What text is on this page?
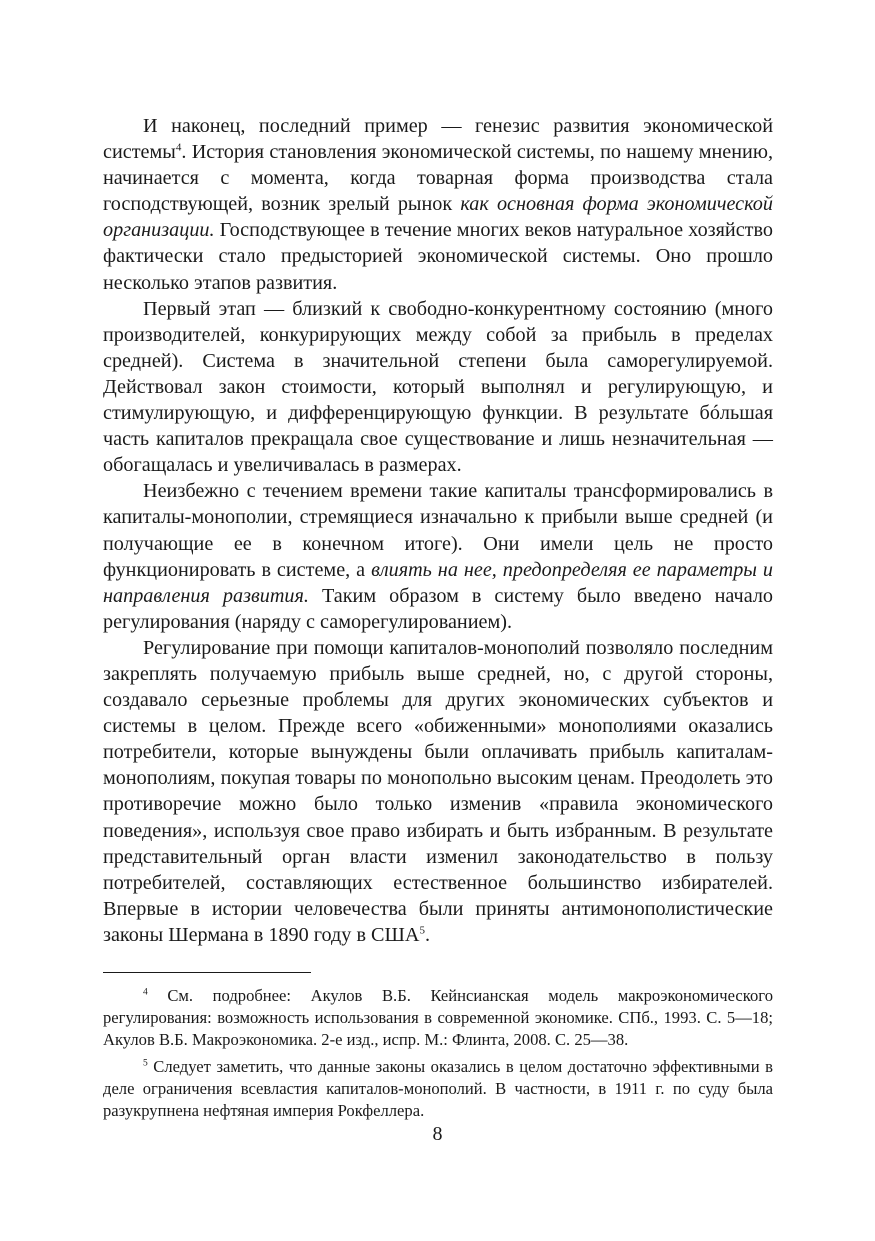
И наконец, последний пример — генезис развития экономической системы$^4$. История становления экономической системы, по нашему мнению, начинается с момента, когда товарная форма производства стала господствующей, возник зрелый рынок как основная форма экономической организации. Господствующее в течение многих веков натуральное хозяйство фактически стало предысторией экономической системы. Оно прошло несколько этапов развития.

Первый этап — близкий к свободно-конкурентному состоянию (много производителей, конкурирующих между собой за прибыль в пределах средней). Система в значительной степени была саморегулируемой. Действовал закон стоимости, который выполнял и регулирующую, и стимулирующую, и дифференцирующую функции. В результате бóльшая часть капиталов прекращала свое существование и лишь незначительная — обогащалась и увеличивалась в размерах.

Неизбежно с течением времени такие капиталы трансформировались в капиталы-монополии, стремящиеся изначально к прибыли выше средней (и получающие ее в конечном итоге). Они имели цель не просто функционировать в системе, а влиять на нее, предопределяя ее параметры и направления развития. Таким образом в систему было введено начало регулирования (наряду с саморегулированием).

Регулирование при помощи капиталов-монополий позволяло последним закреплять получаемую прибыль выше средней, но, с другой стороны, создавало серьезные проблемы для других экономических субъектов и системы в целом. Прежде всего «обиженными» монополиями оказались потребители, которые вынуждены были оплачивать прибыль капиталам-монополиям, покупая товары по монопольно высоким ценам. Преодолеть это противоречие можно было только изменив «правила экономического поведения», используя свое право избирать и быть избранным. В результате представительный орган власти изменил законодательство в пользу потребителей, составляющих естественное большинство избирателей. Впервые в истории человечества были приняты антимонополистические законы Шермана в 1890 году в США$^5$.

$^4$ См. подробнее: Акулов В.Б. Кейнсианская модель макроэкономического регулирования: возможность использования в современной экономике. СПб., 1993. С. 5—18; Акулов В.Б. Макроэкономика. 2-е изд., испр. М.: Флинта, 2008. С. 25—38.

$^5$ Следует заметить, что данные законы оказались в целом достаточно эффективными в деле ограничения всевластия капиталов-монополий. В частности, в 1911 г. по суду была разукрупнена нефтяная империя Рокфеллера.

8
